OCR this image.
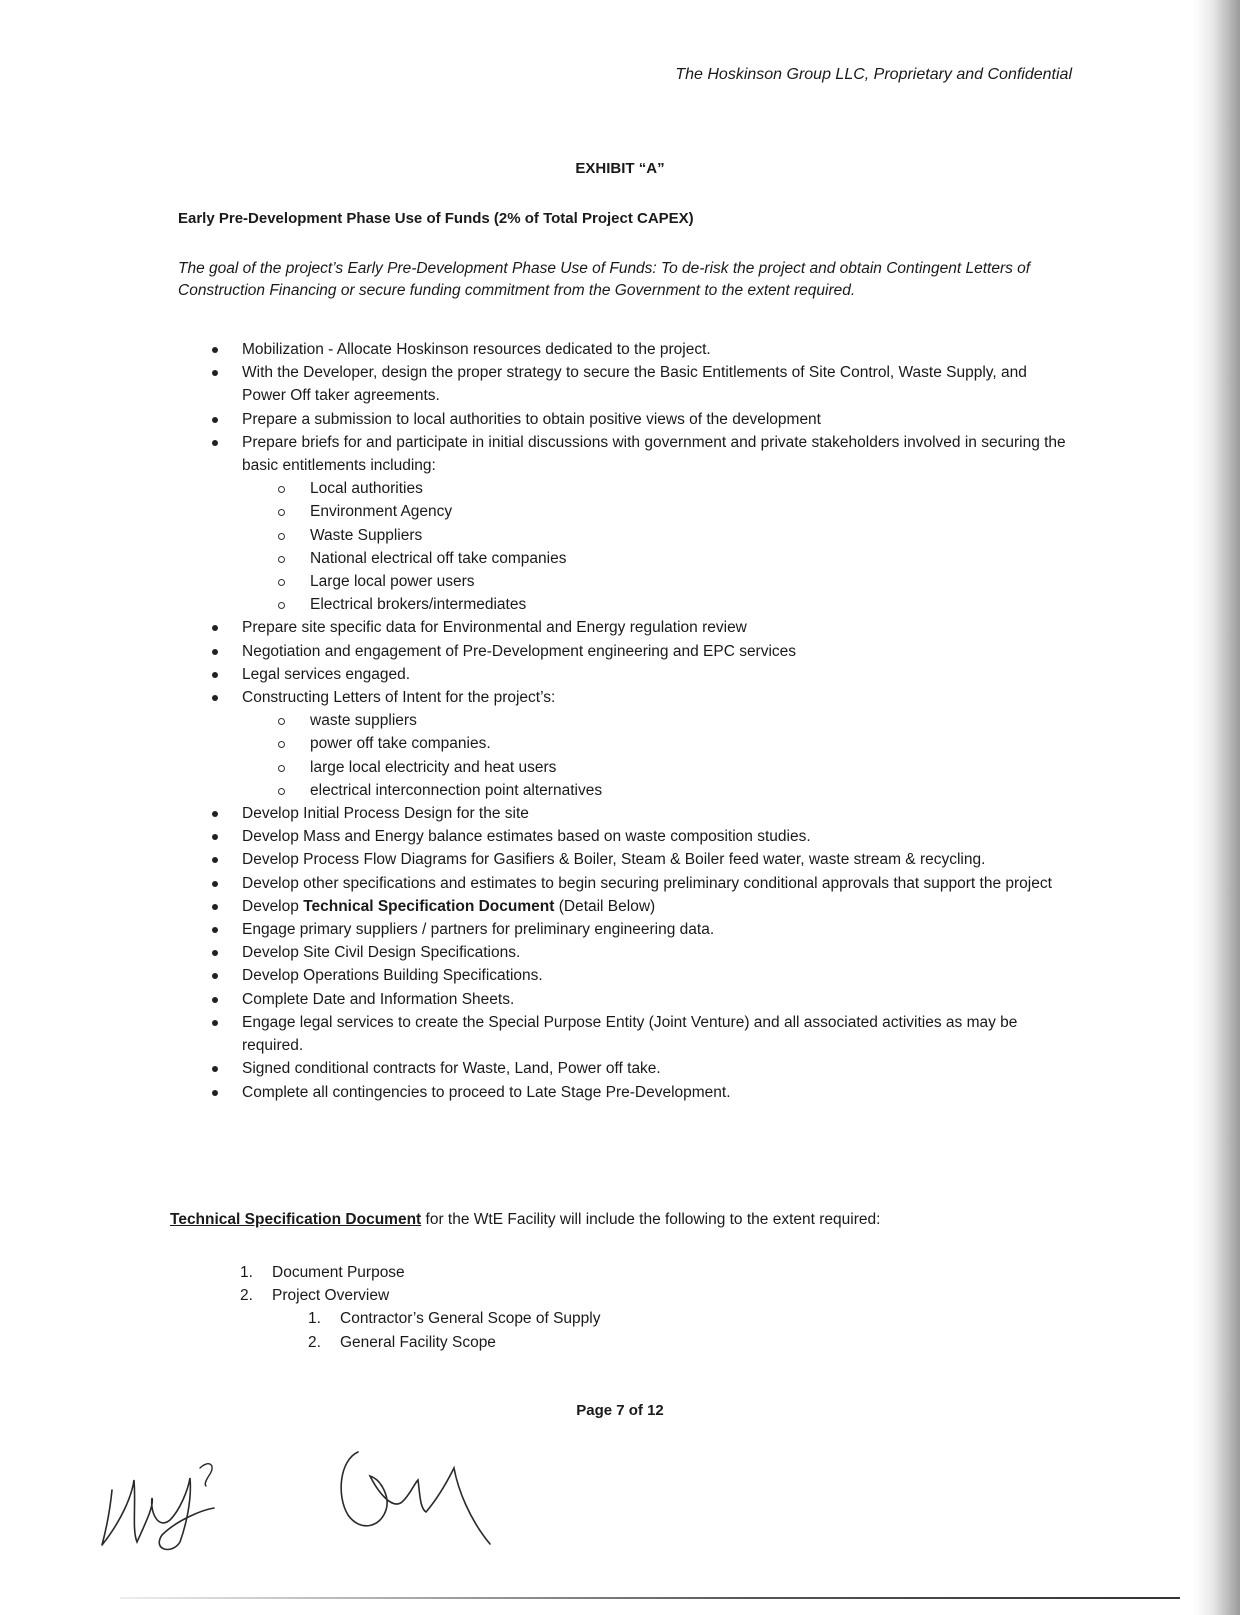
The Hoskinson Group LLC, Proprietary and Confidential
EXHIBIT “A”
Early Pre-Development Phase Use of Funds (2% of Total Project CAPEX)
The goal of the project’s Early Pre-Development Phase Use of Funds: To de-risk the project and obtain Contingent Letters of Construction Financing or secure funding commitment from the Government to the extent required.
Mobilization - Allocate Hoskinson resources dedicated to the project.
With the Developer, design the proper strategy to secure the Basic Entitlements of Site Control, Waste Supply, and Power Off taker agreements.
Prepare a submission to local authorities to obtain positive views of the development
Prepare briefs for and participate in initial discussions with government and private stakeholders involved in securing the basic entitlements including:
Local authorities
Environment Agency
Waste Suppliers
National electrical off take companies
Large local power users
Electrical brokers/intermediates
Prepare site specific data for Environmental and Energy regulation review
Negotiation and engagement of Pre-Development engineering and EPC services
Legal services engaged.
Constructing Letters of Intent for the project’s:
waste suppliers
power off take companies.
large local electricity and heat users
electrical interconnection point alternatives
Develop Initial Process Design for the site
Develop Mass and Energy balance estimates based on waste composition studies.
Develop Process Flow Diagrams for Gasifiers & Boiler, Steam & Boiler feed water, waste stream & recycling.
Develop other specifications and estimates to begin securing preliminary conditional approvals that support the project
Develop Technical Specification Document (Detail Below)
Engage primary suppliers / partners for preliminary engineering data.
Develop Site Civil Design Specifications.
Develop Operations Building Specifications.
Complete Date and Information Sheets.
Engage legal services to create the Special Purpose Entity (Joint Venture) and all associated activities as may be required.
Signed conditional contracts for Waste, Land, Power off take.
Complete all contingencies to proceed to Late Stage Pre-Development.
Technical Specification Document for the WtE Facility will include the following to the extent required:
1. Document Purpose
2. Project Overview
1. Contractor’s General Scope of Supply
2. General Facility Scope
Page 7 of 12
